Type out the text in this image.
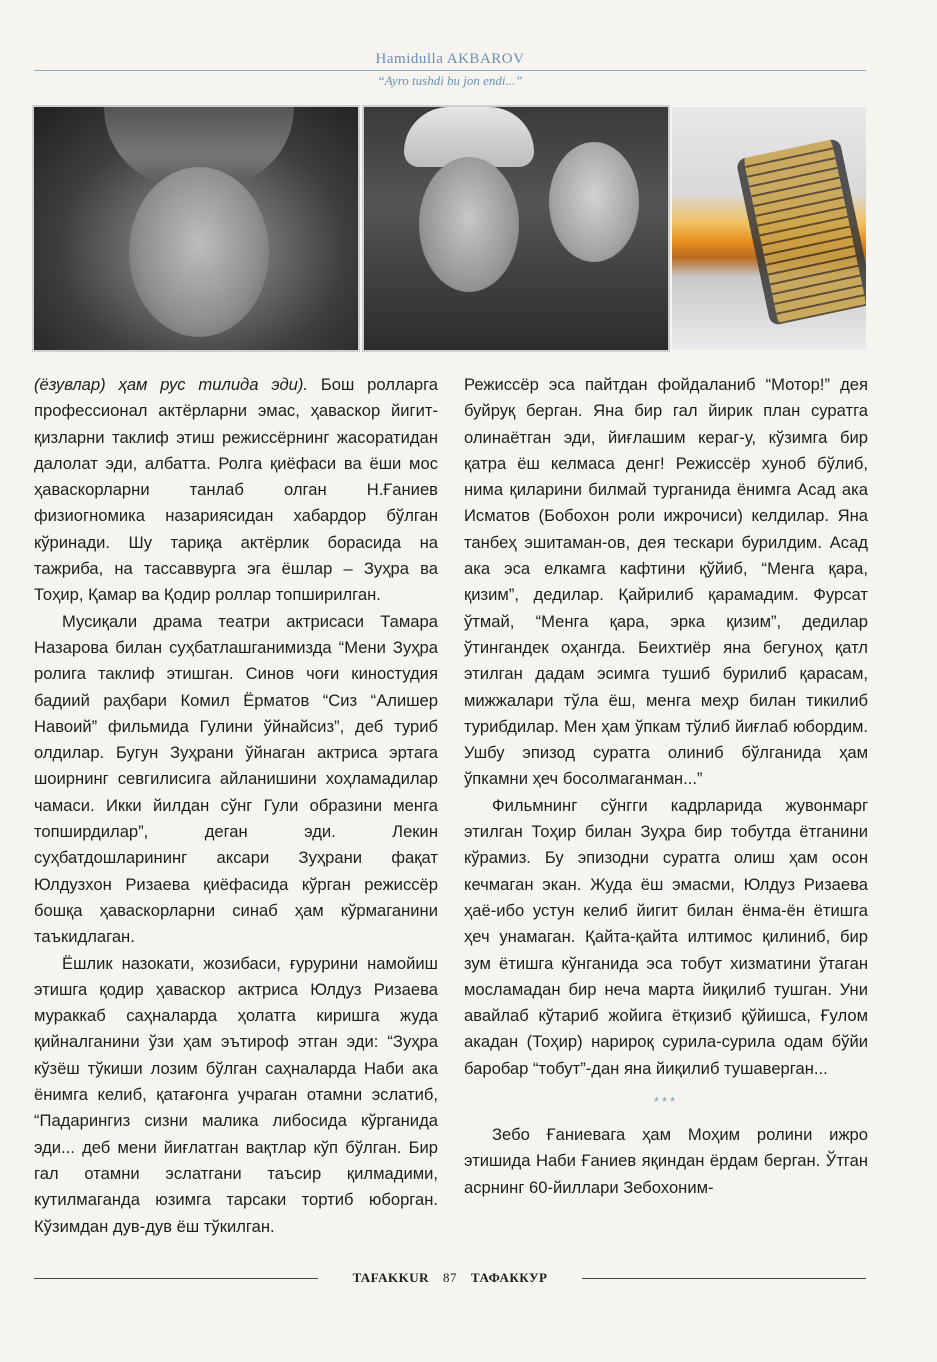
Hamidulla AKBAROV
“Ayro tushdi bu jon endi...”

(ёзувлар) ҳам рус тилида эди). Бош ролларга профессионал актёрларни эмас, ҳаваскор йигит-қизларни таклиф этиш режиссёрнинг жасоратидан далолат эди, албатта. Ролга қиёфаси ва ёши мос ҳаваскорларни танлаб олган Н.Ғаниев физиогномика назариясидан хабардор бўлган кўринади. Шу тариқа актёрлик борасида на тажриба, на тассаввурга эга ёшлар – Зуҳра ва Тоҳир, Қамар ва Қодир роллар топширилган.

Мусиқали драма театри актрисаси Тамара Назарова билан суҳбатлашганимизда “Мени Зуҳра ролига таклиф этишган. Синов чоғи киностудия бадиий раҳбари Комил Ёрматов “Сиз “Алишер Навоий” фильмида Гулини ўйнайсиз”, деб туриб олдилар. Бугун Зуҳрани ўйнаган актриса эртага шоирнинг севгилисига айланишини хоҳламадилар чамаси. Икки йилдан сўнг Гули образини менга топширдилар”, деган эди. Лекин суҳбатдошларининг аксари Зуҳрани фақат Юлдузхон Ризаева қиёфасида кўрган режиссёр бошқа ҳаваскорларни синаб ҳам кўрмаганини таъкидлаган.

Ёшлик назокати, жозибаси, ғурурини намойиш этишга қодир ҳаваскор актриса Юлдуз Ризаева мураккаб саҳналарда ҳолатга киришга жуда қийналганини ўзи ҳам эътироф этган эди: “Зуҳра кўзёш тўкиши лозим бўлган саҳналарда Наби ака ёнимга келиб, қатағонга учраган отамни эслатиб, “Падарингиз сизни малика либосида кўрганида эди... деб мени йиғлатган вақтлар кўп бўлган. Бир гал отамни эслатгани таъсир қилмадими, кутилмаганда юзимга тарсаки тортиб юборган. Кўзимдан дув-дув ёш тўкилган.

Режиссёр эса пайтдан фойдаланиб “Мотор!” дея буйруқ берган. Яна бир гал йирик план суратга олинаётган эди, йиғлашим кераг-у, кўзимга бир қатра ёш келмаса денг! Режиссёр хуноб бўлиб, нима қиларини билмай турганида ёнимга Асад ака Исматов (Бобохон роли ижрочиси) келдилар. Яна танбеҳ эшитаман-ов, дея тескари бурилдим. Асад ака эса елкамга кафтини қўйиб, “Менга қара, қизим”, дедилар. Қайрилиб қарамадим. Фурсат ўтмай, “Менга қара, эрка қизим”, дедилар ўтингандек оҳангда. Беихтиёр яна бегуноҳ қатл этилган дадам эсимга тушиб бурилиб қарасам, мижжалари тўла ёш, менга меҳр билан тикилиб турибдилар. Мен ҳам ўпкам тўлиб йиғлаб юбордим. Ушбу эпизод суратга олиниб бўлганида ҳам ўпкамни ҳеч босолмаганман...”

Фильмнинг сўнгги кадрларида жувонмарг этилган Тоҳир билан Зуҳра бир тобутда ётганини кўрамиз. Бу эпизодни суратга олиш ҳам осон кечмаган экан. Жуда ёш эмасми, Юлдуз Ризаева ҳаё-ибо устун келиб йигит билан ёнма-ён ётишга ҳеч унамаган. Қайта-қайта илтимос қилиниб, бир зум ётишга кўнганида эса тобут хизматини ўтаган мосламадан бир неча марта йиқилиб тушган. Уни авайлаб кўтариб жойига ётқизиб қўйишса, Ғулом акадан (Тоҳир) нарироқ сурила-сурила одам бўйи баробар “тобут”-дан яна йиқилиб тушаверган...

***

Зебо Ғаниевага ҳам Моҳим ролини ижро этишида Наби Ғаниев яқиндан ёрдам берган. Ўтган асрнинг 60-йиллари Зебохоним-

TAFAKKUR 87 ТАФАККУР
